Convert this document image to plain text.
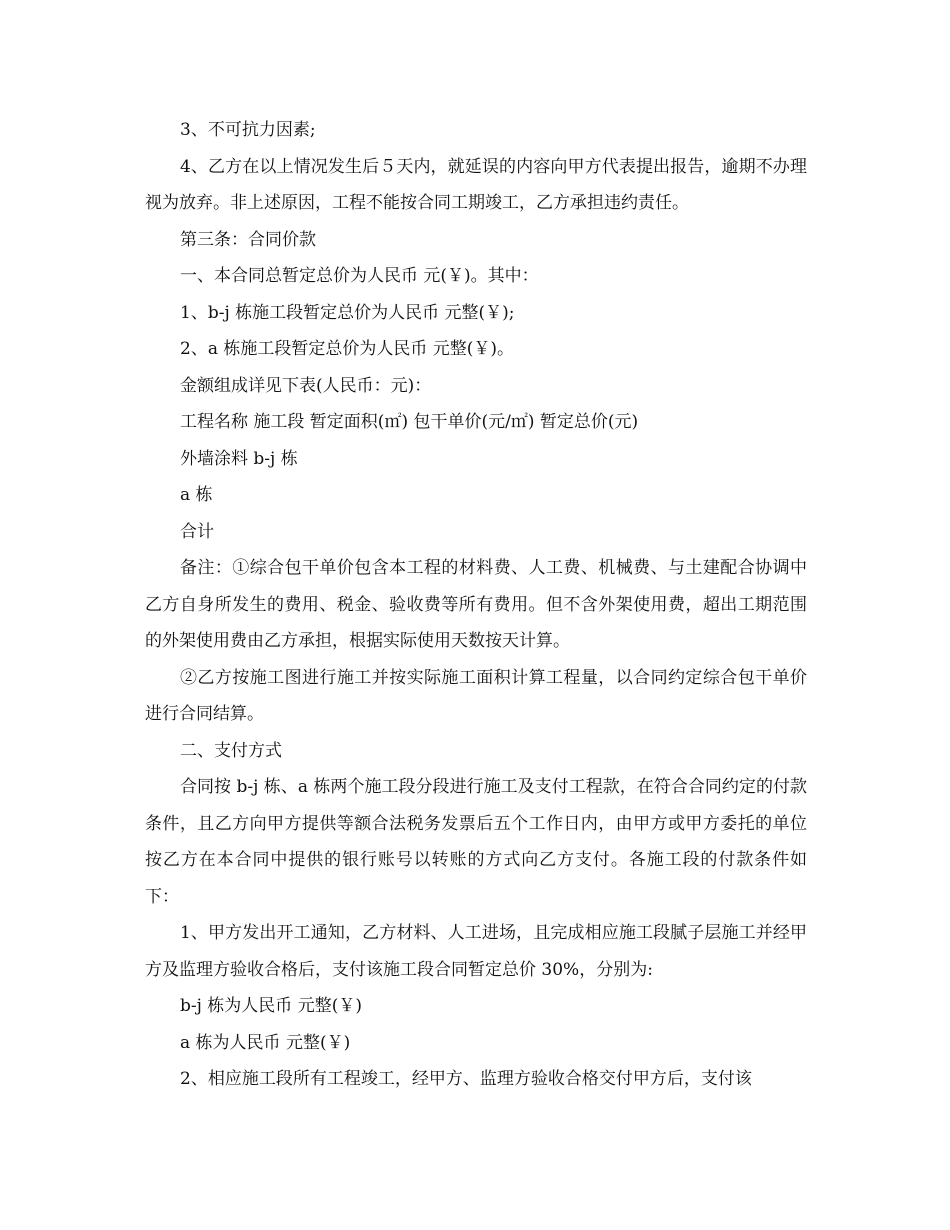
3、不可抗力因素;

4、乙方在以上情况发生后５天内，就延误的内容向甲方代表提出报告，逾期不办理视为放弃。非上述原因，工程不能按合同工期竣工，乙方承担违约责任。

第三条：合同价款

一、本合同总暂定总价为人民币 元(￥)。其中：

1、b-j 栋施工段暂定总价为人民币 元整(￥);

2、a 栋施工段暂定总价为人民币 元整(￥)。

金额组成详见下表(人民币：元)：

工程名称 施工段 暂定面积(㎡) 包干单价(元/㎡) 暂定总价(元)

外墙涂料 b-j 栋

a 栋

合计

备注：①综合包干单价包含本工程的材料费、人工费、机械费、与土建配合协调中乙方自身所发生的费用、税金、验收费等所有费用。但不含外架使用费，超出工期范围的外架使用费由乙方承担，根据实际使用天数按天计算。

②乙方按施工图进行施工并按实际施工面积计算工程量，以合同约定综合包干单价进行合同结算。

二、支付方式

合同按 b-j 栋、a 栋两个施工段分段进行施工及支付工程款，在符合合同约定的付款条件，且乙方向甲方提供等额合法税务发票后五个工作日内，由甲方或甲方委托的单位按乙方在本合同中提供的银行账号以转账的方式向乙方支付。各施工段的付款条件如下：

1、甲方发出开工通知，乙方材料、人工进场，且完成相应施工段腻子层施工并经甲方及监理方验收合格后，支付该施工段合同暂定总价 30%，分别为:

b-j 栋为人民币 元整(￥)

a 栋为人民币 元整(￥)

2、相应施工段所有工程竣工，经甲方、监理方验收合格交付甲方后，支付该
